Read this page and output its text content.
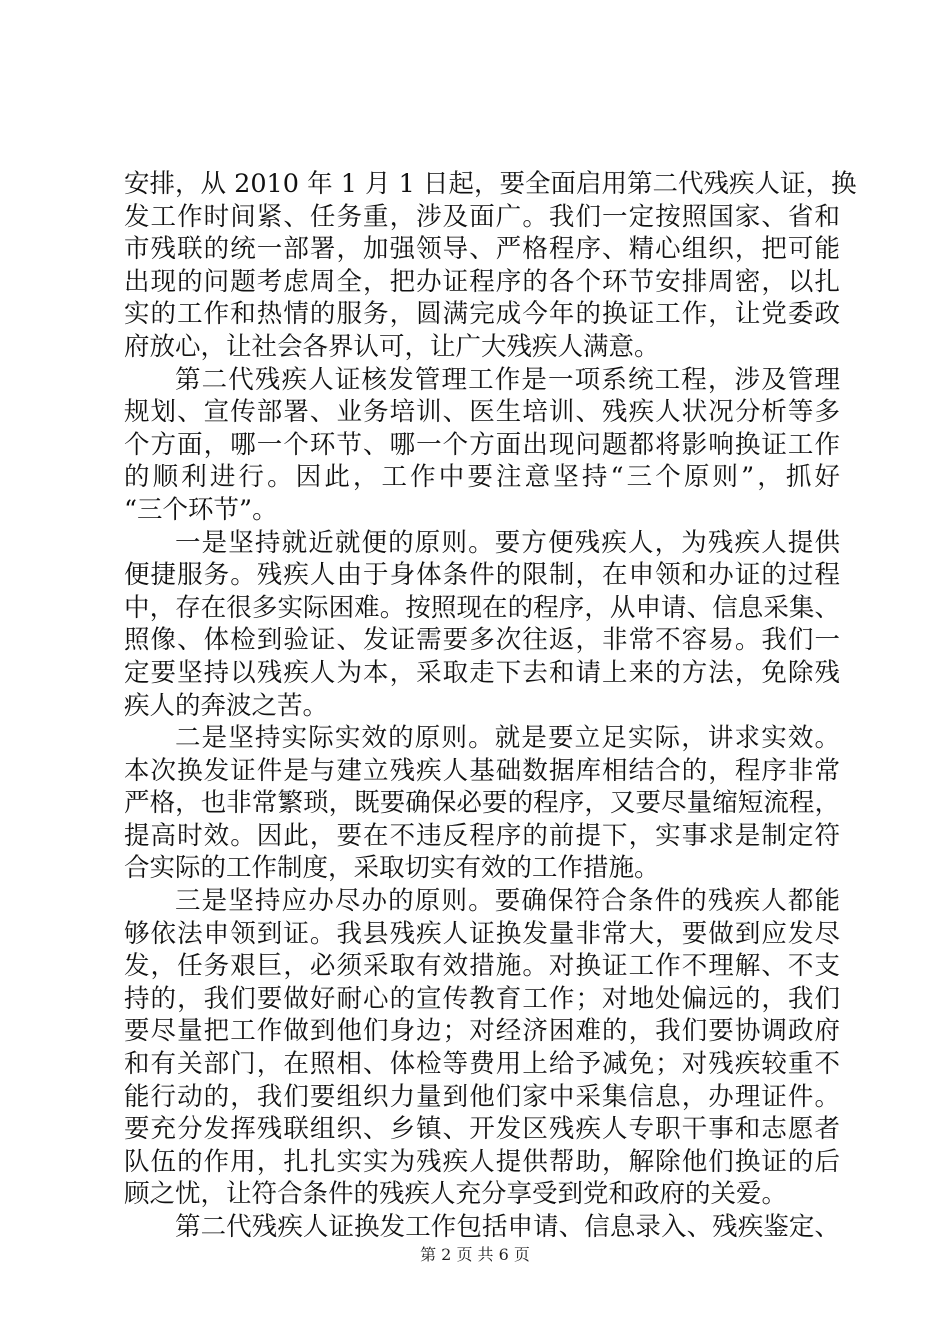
安排，从 2010 年 1 月 1 日起，要全面启用第二代残疾人证，换
发工作时间紧、任务重，涉及面广。我们一定按照国家、省和
市残联的统一部署，加强领导、严格程序、精心组织，把可能
出现的问题考虑周全，把办证程序的各个环节安排周密，以扎
实的工作和热情的服务，圆满完成今年的换证工作，让党委政
府放心，让社会各界认可，让广大残疾人满意。
第二代残疾人证核发管理工作是一项系统工程，涉及管理
规划、宣传部署、业务培训、医生培训、残疾人状况分析等多
个方面，哪一个环节、哪一个方面出现问题都将影响换证工作
的顺利进行。因此，工作中要注意坚持“三个原则”，抓好
“三个环节”。
一是坚持就近就便的原则。要方便残疾人，为残疾人提供
便捷服务。残疾人由于身体条件的限制，在申领和办证的过程
中，存在很多实际困难。按照现在的程序，从申请、信息采集、
照像、体检到验证、发证需要多次往返，非常不容易。我们一
定要坚持以残疾人为本，采取走下去和请上来的方法，免除残
疾人的奔波之苦。
二是坚持实际实效的原则。就是要立足实际，讲求实效。
本次换发证件是与建立残疾人基础数据库相结合的，程序非常
严格，也非常繁琐，既要确保必要的程序，又要尽量缩短流程，
提高时效。因此，要在不违反程序的前提下，实事求是制定符
合实际的工作制度，采取切实有效的工作措施。
三是坚持应办尽办的原则。要确保符合条件的残疾人都能
够依法申领到证。我县残疾人证换发量非常大，要做到应发尽
发，任务艰巨，必须采取有效措施。对换证工作不理解、不支
持的，我们要做好耐心的宣传教育工作；对地处偏远的，我们
要尽量把工作做到他们身边；对经济困难的，我们要协调政府
和有关部门，在照相、体检等费用上给予减免；对残疾较重不
能行动的，我们要组织力量到他们家中采集信息，办理证件。
要充分发挥残联组织、乡镇、开发区残疾人专职干事和志愿者
队伍的作用，扎扎实实为残疾人提供帮助，解除他们换证的后
顾之忧，让符合条件的残疾人充分享受到党和政府的关爱。
第二代残疾人证换发工作包括申请、信息录入、残疾鉴定、
第 2 页 共 6 页
